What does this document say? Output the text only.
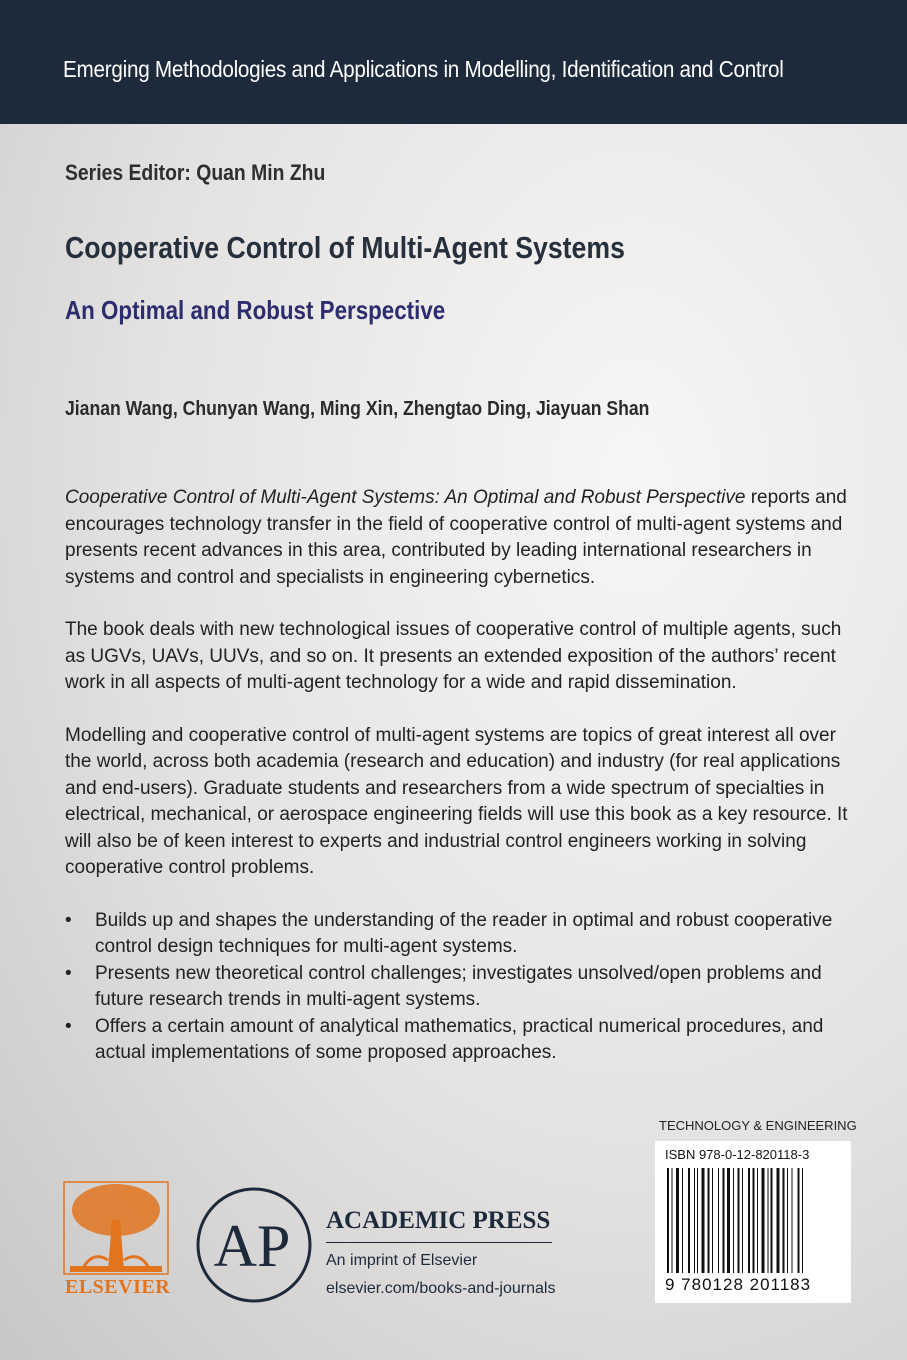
Emerging Methodologies and Applications in Modelling, Identification and Control
Series Editor: Quan Min Zhu
Cooperative Control of Multi-Agent Systems
An Optimal and Robust Perspective
Jianan Wang, Chunyan Wang, Ming Xin, Zhengtao Ding, Jiayuan Shan

Cooperative Control of Multi-Agent Systems: An Optimal and Robust Perspective reports and encourages technology transfer in the field of cooperative control of multi-agent systems and presents recent advances in this area, contributed by leading international researchers in systems and control and specialists in engineering cybernetics.

The book deals with new technological issues of cooperative control of multiple agents, such as UGVs, UAVs, UUVs, and so on. It presents an extended exposition of the authors’ recent work in all aspects of multi-agent technology for a wide and rapid dissemination.

Modelling and cooperative control of multi-agent systems are topics of great interest all over the world, across both academia (research and education) and industry (for real applications and end-users). Graduate students and researchers from a wide spectrum of specialties in electrical, mechanical, or aerospace engineering fields will use this book as a key resource. It will also be of keen interest to experts and industrial control engineers working in solving cooperative control problems.

• Builds up and shapes the understanding of the reader in optimal and robust cooperative control design techniques for multi-agent systems.
• Presents new theoretical control challenges; investigates unsolved/open problems and future research trends in multi-agent systems.
• Offers a certain amount of analytical mathematics, practical numerical procedures, and actual implementations of some proposed approaches.
TECHNOLOGY & ENGINEERING
ISBN 978-0-12-820118-3
9 780128 201183
ELSEVIER
AP ACADEMIC PRESS
An imprint of Elsevier
elsevier.com/books-and-journals
